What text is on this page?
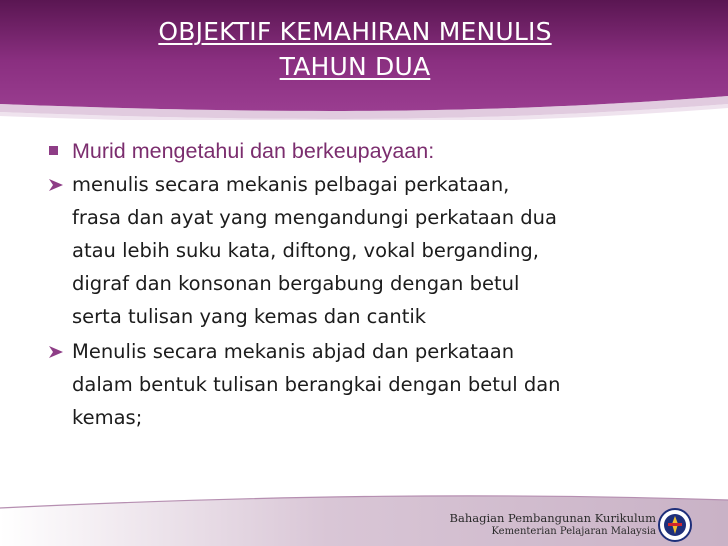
OBJEKTIF KEMAHIRAN MENULIS
TAHUN DUA
Murid mengetahui dan berkeupayaan:
menulis secara mekanis pelbagai perkataan,
frasa dan ayat yang mengandungi perkataan dua
atau lebih suku kata, diftong, vokal berganding,
digraf dan konsonan bergabung dengan betul
serta tulisan yang kemas dan cantik
Menulis secara mekanis abjad dan perkataan
dalam bentuk tulisan berangkai dengan betul dan
kemas;
Bahagian Pembangunan Kurikulum
Kementerian Pelajaran Malaysia
